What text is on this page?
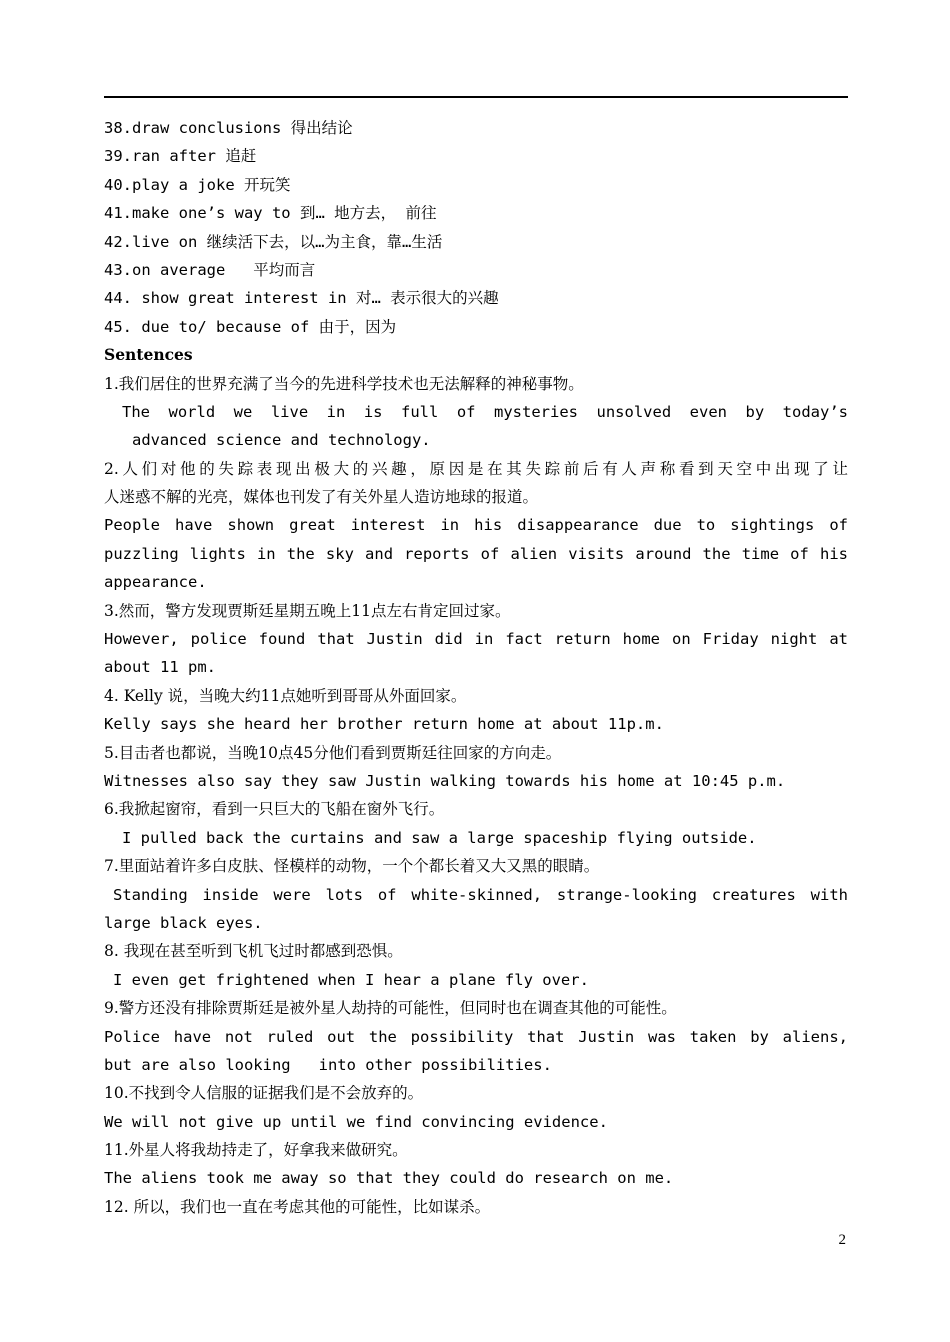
38.draw conclusions 得出结论
39.ran after 追赶
40.play a joke 开玩笑
41.make one’s way to 到… 地方去， 前往
42.live on 继续活下去，以…为主食，靠…生活
43.on average   平均而言
44. show great interest in 对… 表示很大的兴趣
45. due to/ because of 由于，因为
Sentences
1.我们居住的世界充满了当今的先进科学技术也无法解释的神秘事物。
The world we live in is full of mysteries unsolved even by today’s
advanced science and technology.
2.人们对他的失踪表现出极大的兴趣，原因是在其失踪前后有人声称看到天空中出现了让
人迷惑不解的光亮，媒体也刊发了有关外星人造访地球的报道。
People have shown great interest in his disappearance due to sightings of
puzzling lights in the sky and reports of alien visits around the time of his
appearance.
3.然而，警方发现贾斯廷星期五晚上11点左右肯定回过家。
However, police found that Justin did in fact return home on Friday night at
about 11 pm.
4. Kelly 说，当晚大约11点她听到哥哥从外面回家。
Kelly says she heard her brother return home at about 11p.m.
5.目击者也都说，当晚10点45分他们看到贾斯廷往回家的方向走。
Witnesses also say they saw Justin walking towards his home at 10:45 p.m.
6.我掀起窗帘，看到一只巨大的飞船在窗外飞行。
I pulled back the curtains and saw a large spaceship flying outside.
7.里面站着许多白皮肤、怪模样的动物，一个个都长着又大又黑的眼睛。
Standing inside were lots of white-skinned, strange-looking creatures with
large black eyes.
8. 我现在甚至听到飞机飞过时都感到恐惧。
I even get frightened when I hear a plane fly over.
9.警方还没有排除贾斯廷是被外星人劫持的可能性，但同时也在调查其他的可能性。
Police have not ruled out the possibility that Justin was taken by aliens,
but are also looking   into other possibilities.
10.不找到令人信服的证据我们是不会放弃的。
We will not give up until we find convincing evidence.
11.外星人将我劫持走了，好拿我来做研究。
The aliens took me away so that they could do research on me.
12. 所以，我们也一直在考虑其他的可能性，比如谋杀。
2
